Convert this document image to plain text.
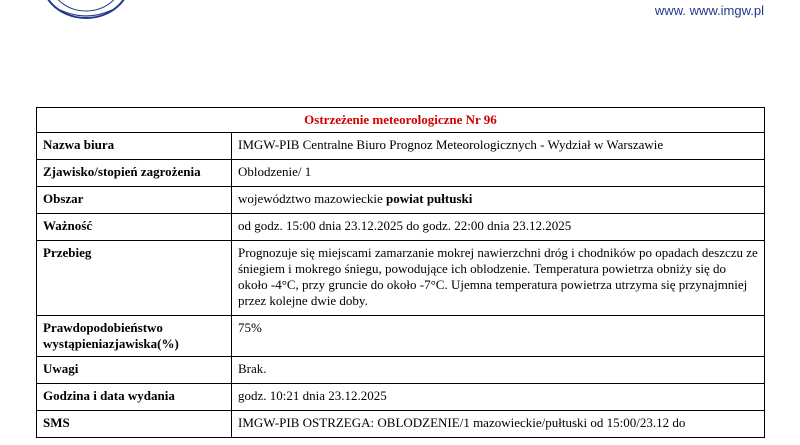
www. www.imgw.pl
Ostrzeżenie meteorologiczne Nr 96	
Nazwa biura	IMGW-PIB Centralne Biuro Prognoz Meteorologicznych - Wydział w Warszawie
Zjawisko/stopień zagrożenia	Oblodzenie/ 1
Obszar	województwo mazowieckie powiat pułtuski
Ważność	od godz. 15:00 dnia 23.12.2025 do godz. 22:00 dnia 23.12.2025
Przebieg	Prognozuje się miejscami zamarzanie mokrej nawierzchni dróg i chodników po opadach deszczu ze śniegiem i mokrego śniegu, powodujące ich oblodzenie. Temperatura powietrza obniży się do około -4°C, przy gruncie do około -7°C. Ujemna temperatura powietrza utrzyma się przynajmniej przez kolejne dwie doby.
Prawdopodobieństwo wystąpieniazjawiska(%)	75%
Uwagi	Brak.
Godzina i data wydania	godz. 10:21 dnia 23.12.2025
SMS	IMGW-PIB OSTRZEGA: OBLODZENIE/1 mazowieckie/pułtuski od 15:00/23.12 do
